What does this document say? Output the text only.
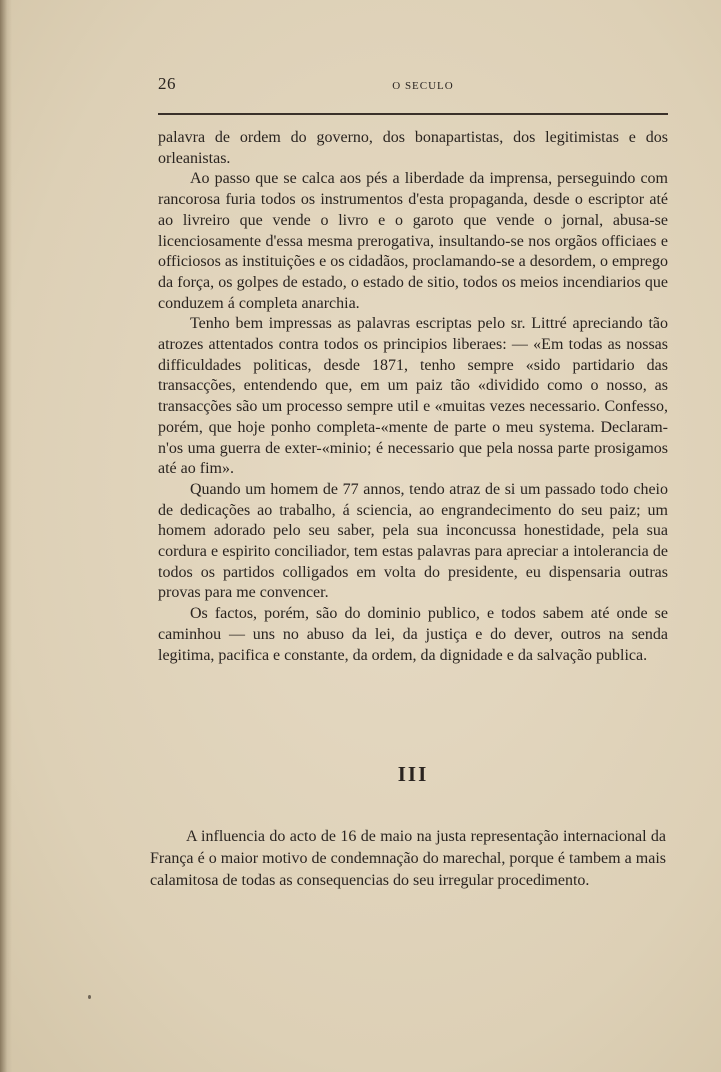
26	O SECULO

palavra de ordem do governo, dos bonapartistas, dos legitimistas e dos orleanistas.

Ao passo que se calca aos pés a liberdade da imprensa, perseguindo com rancorosa furia todos os instrumentos d'esta propaganda, desde o escriptor até ao livreiro que vende o livro e o garoto que vende o jornal, abusa-se licenciosamente d'essa mesma prerogativa, insultando-se nos orgãos officiaes e officiosos as instituições e os cidadãos, proclamando-se a desordem, o emprego da força, os golpes de estado, o estado de sitio, todos os meios incendiarios que conduzem á completa anarchia.

Tenho bem impressas as palavras escriptas pelo sr. Littré apreciando tão atrozes attentados contra todos os principios liberaes: — «Em todas as nossas difficuldades politicas, desde 1871, tenho sempre «sido partidario das transacções, entendendo que, em um paiz tão «dividido como o nosso, as transacções são um processo sempre util e «muitas vezes necessario. Confesso, porém, que hoje ponho completa-«mente de parte o meu systema. Declaram-n'os uma guerra de exter-«minio; é necessario que pela nossa parte prosigamos até ao fim».

Quando um homem de 77 annos, tendo atraz de si um passado todo cheio de dedicações ao trabalho, á sciencia, ao engrandecimento do seu paiz; um homem adorado pelo seu saber, pela sua inconcussa honestidade, pela sua cordura e espirito conciliador, tem estas palavras para apreciar a intolerancia de todos os partidos colligados em volta do presidente, eu dispensaria outras provas para me convencer.

Os factos, porém, são do dominio publico, e todos sabem até onde se caminhou — uns no abuso da lei, da justiça e do dever, outros na senda legitima, pacifica e constante, da ordem, da dignidade e da salvação publica.

III

A influencia do acto de 16 de maio na justa representação internacional da França é o maior motivo de condemnação do marechal, porque é tambem a mais calamitosa de todas as consequencias do seu irregular procedimento.
